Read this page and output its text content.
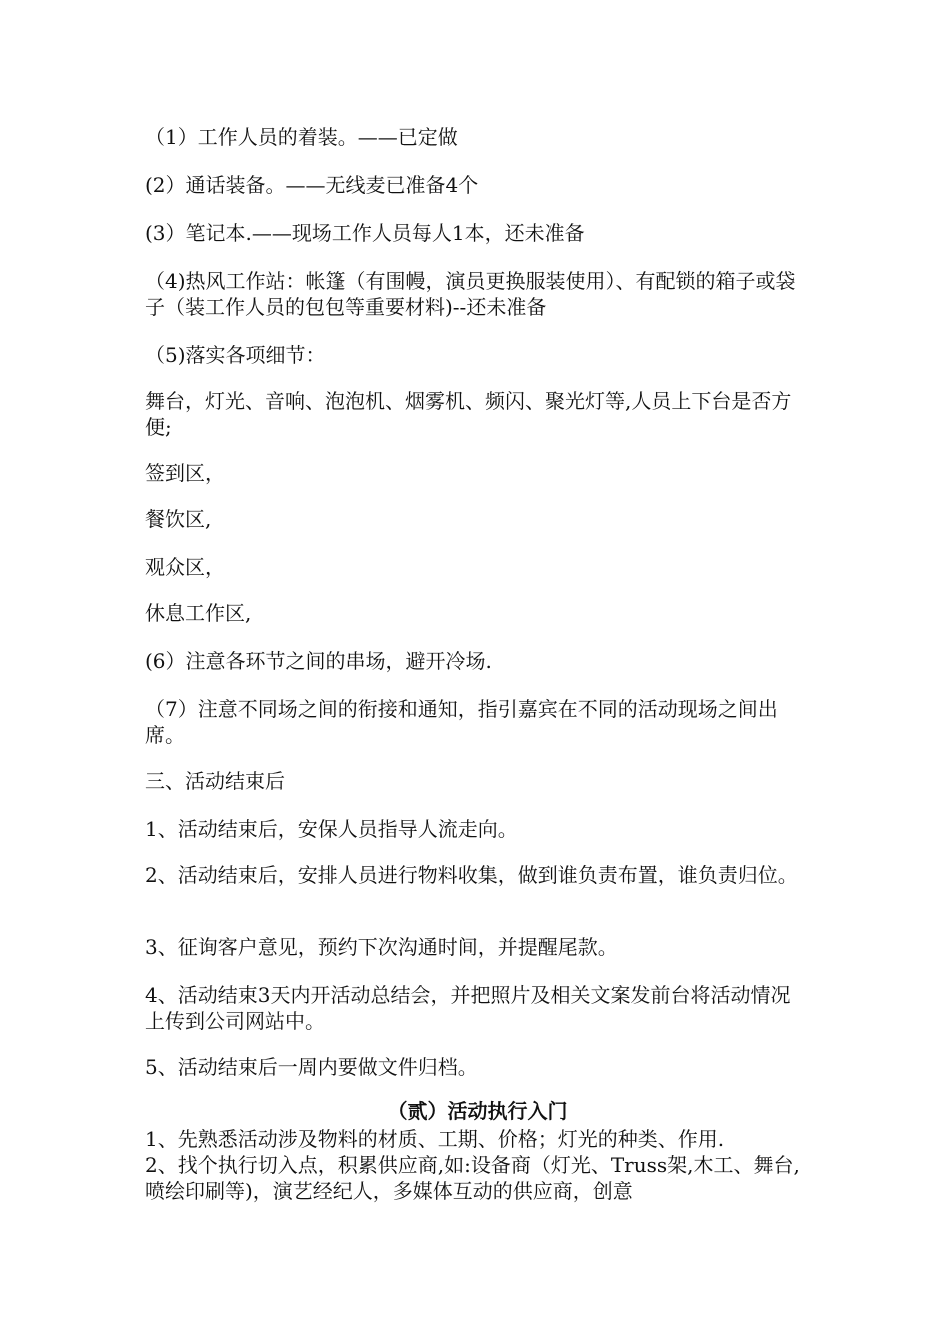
（1）工作人员的着装。——已定做
(2）通话装备。——无线麦已准备4个
(3）笔记本.——现场工作人员每人1本，还未准备
（4)热风工作站：帐篷（有围幔，演员更换服装使用）、有配锁的箱子或袋子（装工作人员的包包等重要材料)--还未准备
（5)落实各项细节：
舞台，灯光、音响、泡泡机、烟雾机、频闪、聚光灯等,人员上下台是否方便;
签到区，
餐饮区,
观众区，
休息工作区,
(6）注意各环节之间的串场，避开冷场.
（7）注意不同场之间的衔接和通知，指引嘉宾在不同的活动现场之间出席。
三、活动结束后
1、活动结束后，安保人员指导人流走向。
2、活动结束后，安排人员进行物料收集，做到谁负责布置，谁负责归位。
3、征询客户意见，预约下次沟通时间，并提醒尾款。
4、活动结束3天内开活动总结会，并把照片及相关文案发前台将活动情况上传到公司网站中。
5、活动结束后一周内要做文件归档。
（贰）活动执行入门
1、先熟悉活动涉及物料的材质、工期、价格；灯光的种类、作用.
2、找个执行切入点，积累供应商,如:设备商（灯光、Truss架,木工、舞台,喷绘印刷等)，演艺经纪人，多媒体互动的供应商，创意
